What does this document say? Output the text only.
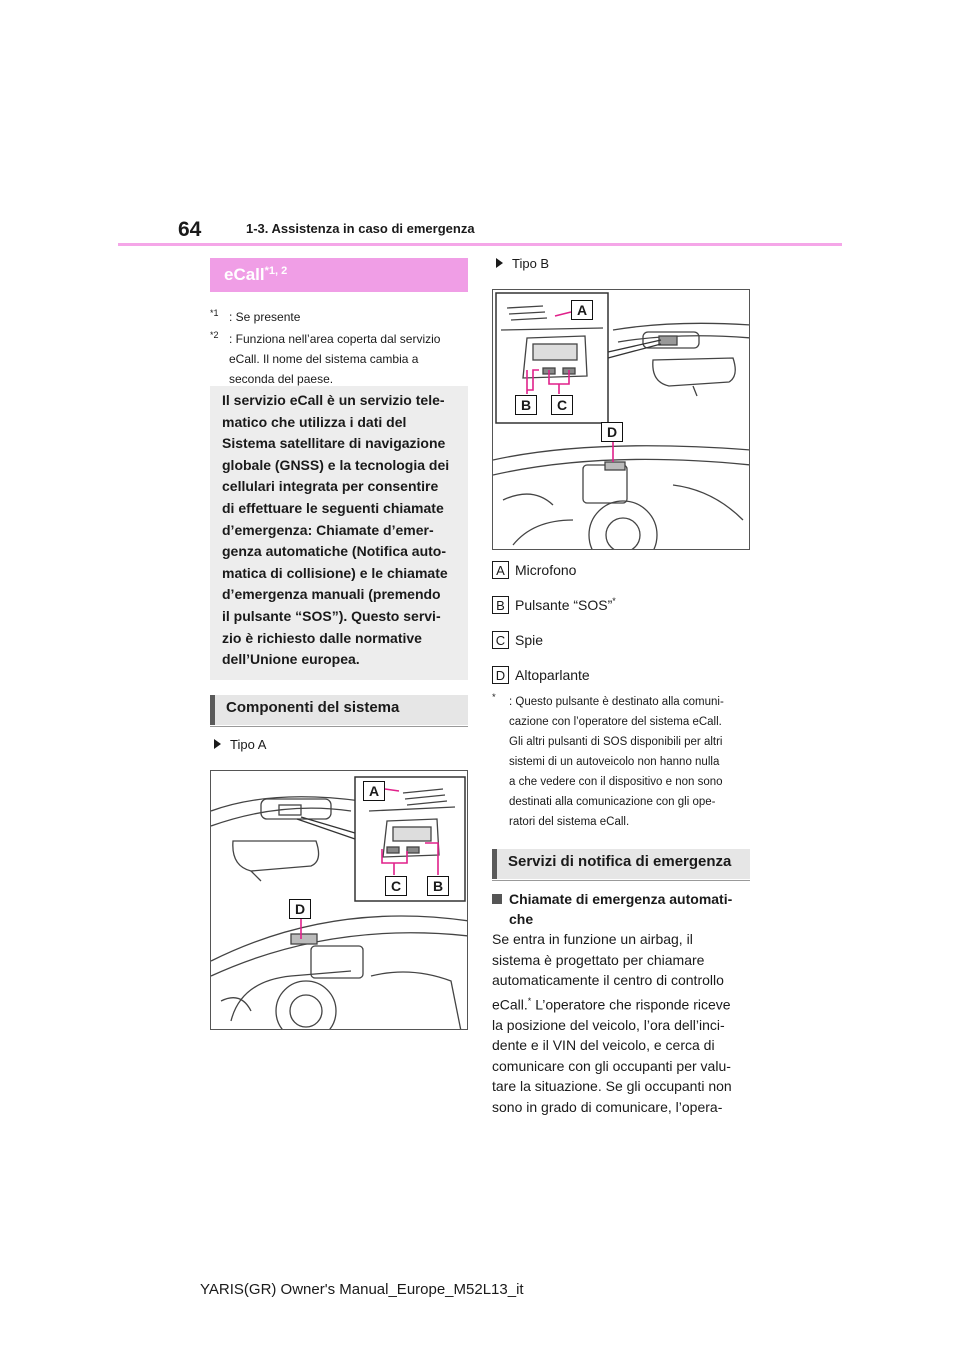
64	1-3. Assistenza in caso di emergenza
eCall$^{*1, 2}$
$^{*1}$ : Se presente
$^{*2}$ : Funziona nell’area coperta dal servizio
eCall. Il nome del sistema cambia a
seconda del paese.

Il servizio eCall è un servizio tele-

matico che utilizza i dati del

Sistema satellitare di navigazione

globale (GNSS) e la tecnologia dei

cellulari integrata per consentire

di effettuare le seguenti chiamate

d’emergenza: Chiamate d’emer-

genza automatiche (Notifica auto-

matica di collisione) e le chiamate

d’emergenza manuali (premendo

il pulsante “SOS”). Questo servi-

zio è richiesto dalle normative

dell’Unione europea.

Componenti del sistema
Tipo A
A
C	B
D
Tipo B
A
B	C
D
A Microfono
B Pulsante “SOS”*
C Spie
D Altoparlante
* : Questo pulsante è destinato alla comuni-
cazione con l’operatore del sistema eCall.
Gli altri pulsanti di SOS disponibili per altri
sistemi di un autoveicolo non hanno nulla
a che vedere con il dispositivo e non sono
destinati alla comunicazione con gli ope-
ratori del sistema eCall.
Servizi di notifica di emergenza
Chiamate di emergenza automati-
che
Se entra in funzione un airbag, il
sistema è progettato per chiamare
automaticamente il centro di controllo
eCall.* L’operatore che risponde riceve
la posizione del veicolo, l’ora dell’inci-
dente e il VIN del veicolo, e cerca di
comunicare con gli occupanti per valu-
tare la situazione. Se gli occupanti non
sono in grado di comunicare, l’opera-
YARIS(GR) Owner's Manual_Europe_M52L13_it
